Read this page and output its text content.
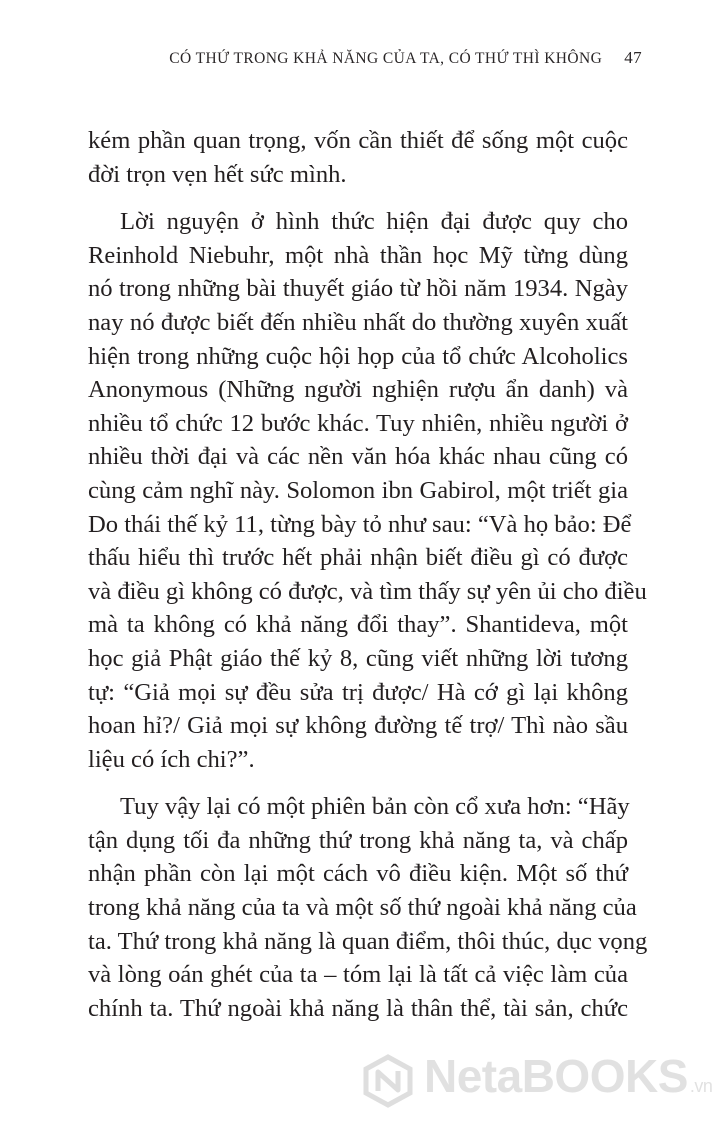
CÓ THỨ TRONG KHẢ NĂNG CỦA TA, CÓ THỨ THÌ KHÔNG 47
kém phần quan trọng, vốn cần thiết để sống một cuộc
đời trọn vẹn hết sức mình.
Lời nguyện ở hình thức hiện đại được quy cho
Reinhold Niebuhr, một nhà thần học Mỹ từng dùng
nó trong những bài thuyết giáo từ hồi năm 1934. Ngày
nay nó được biết đến nhiều nhất do thường xuyên xuất
hiện trong những cuộc hội họp của tổ chức Alcoholics
Anonymous (Những người nghiện rượu ẩn danh) và
nhiều tổ chức 12 bước khác. Tuy nhiên, nhiều người ở
nhiều thời đại và các nền văn hóa khác nhau cũng có
cùng cảm nghĩ này. Solomon ibn Gabirol, một triết gia
Do thái thế kỷ 11, từng bày tỏ như sau: “Và họ bảo: Để
thấu hiểu thì trước hết phải nhận biết điều gì có được
và điều gì không có được, và tìm thấy sự yên ủi cho điều
mà ta không có khả năng đổi thay”. Shantideva, một
học giả Phật giáo thế kỷ 8, cũng viết những lời tương
tự: “Giả mọi sự đều sửa trị được/ Hà cớ gì lại không
hoan hỉ?/ Giả mọi sự không đường tế trợ/ Thì nào sầu
liệu có ích chi?”.
Tuy vậy lại có một phiên bản còn cổ xưa hơn: “Hãy
tận dụng tối đa những thứ trong khả năng ta, và chấp
nhận phần còn lại một cách vô điều kiện. Một số thứ
trong khả năng của ta và một số thứ ngoài khả năng của
ta. Thứ trong khả năng là quan điểm, thôi thúc, dục vọng
và lòng oán ghét của ta – tóm lại là tất cả việc làm của
chính ta. Thứ ngoài khả năng là thân thể, tài sản, chức
NetaBOOKS .vn
